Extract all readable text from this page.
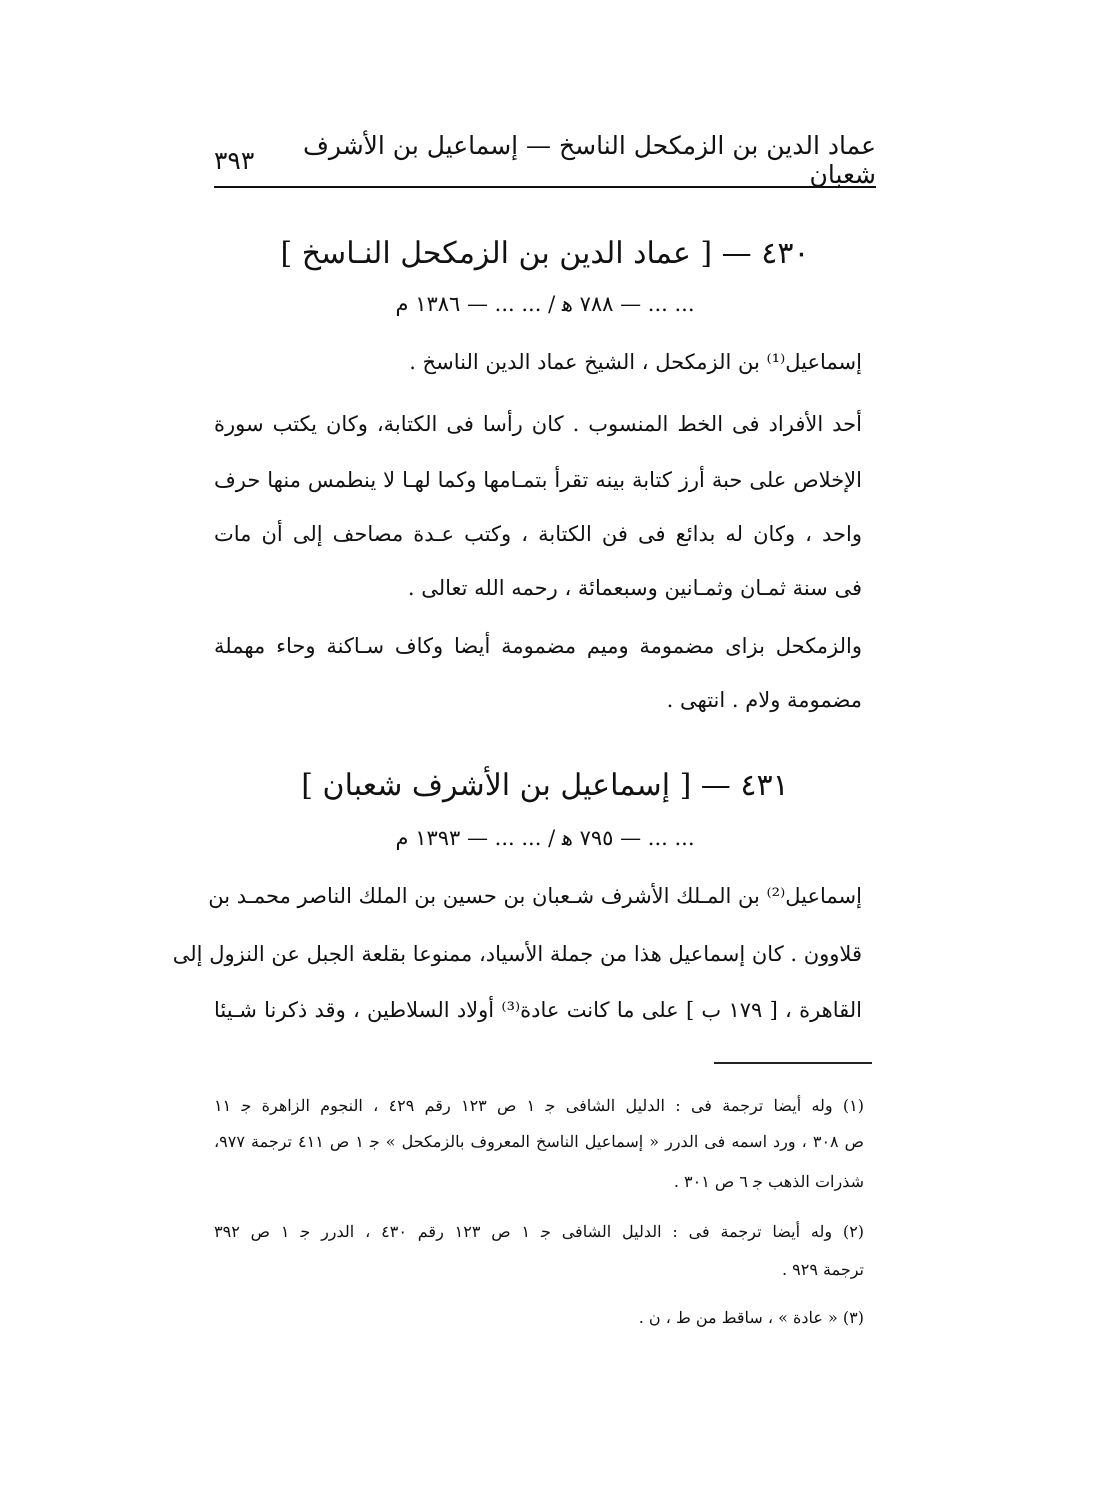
عماد الدين بن الزمكحل الناسخ — إسماعيل بن الأشرف شعبان
٣٩٣
٤٣٠ — [ عماد الدين بن الزمكحل النـاسخ ]
... ... — ٧٨٨ ﻫ / ... ... — ١٣٨٦ م
إسماعيل⁽¹⁾ بن الزمكحل ، الشيخ عماد الدين الناسخ .
أحد الأفراد فى الخط المنسوب . كان رأسا فى الكتابة، وكان يكتب سورة
الإخلاص على حبة أرز كتابة بينه تقرأ بتمـامها وكما لهـا لا ينطمس منها حرف
واحد ، وكان له بدائع فى فن الكتابة ، وكتب عـدة مصاحف إلى أن مات
فى سنة ثمـان وثمـانين وسبعمائة ، رحمه الله تعالى .
والزمكحل بزاى مضمومة وميم مضمومة أيضا وكاف سـاكنة وحاء مهملة
مضمومة ولام . انتهى .
٤٣١ — [ إسماعيل بن الأشرف شعبان ]
... ... — ٧٩٥ ﻫ / ... ... — ١٣٩٣ م
إسماعيل⁽²⁾ بن المـلك الأشرف شـعبان بن حسين بن الملك الناصر محمـد بن
قلاوون . كان إسماعيل هذا من جملة الأسياد، ممنوعا بقلعة الجبل عن النزول إلى
القاهرة ، [ ١٧٩ ب ] على ما كانت عادة⁽³⁾ أولاد السلاطين ، وقد ذكرنا شـيئا
(١) وله أيضا ترجمة فى : الدليل الشافى ﺟ ١ ص ١٢٣ رقم ٤٢٩ ، النجوم الزاهرة ﺟ ١١
ص ٣٠٨ ، ورد اسمه فى الدرر « إسماعيل الناسخ المعروف بالزمكحل » ﺟ ١ ص ٤١١ ترجمة ٩٧٧،
شذرات الذهب ﺟ ٦ ص ٣٠١ .
(٢) وله أيضا ترجمة فى : الدليل الشافى ﺟ ١ ص ١٢٣ رقم ٤٣٠ ، الدرر ﺟ ١ ص ٣٩٢
ترجمة ٩٢٩ .
(٣) « عادة » ، ساقط من ط ، ن .
